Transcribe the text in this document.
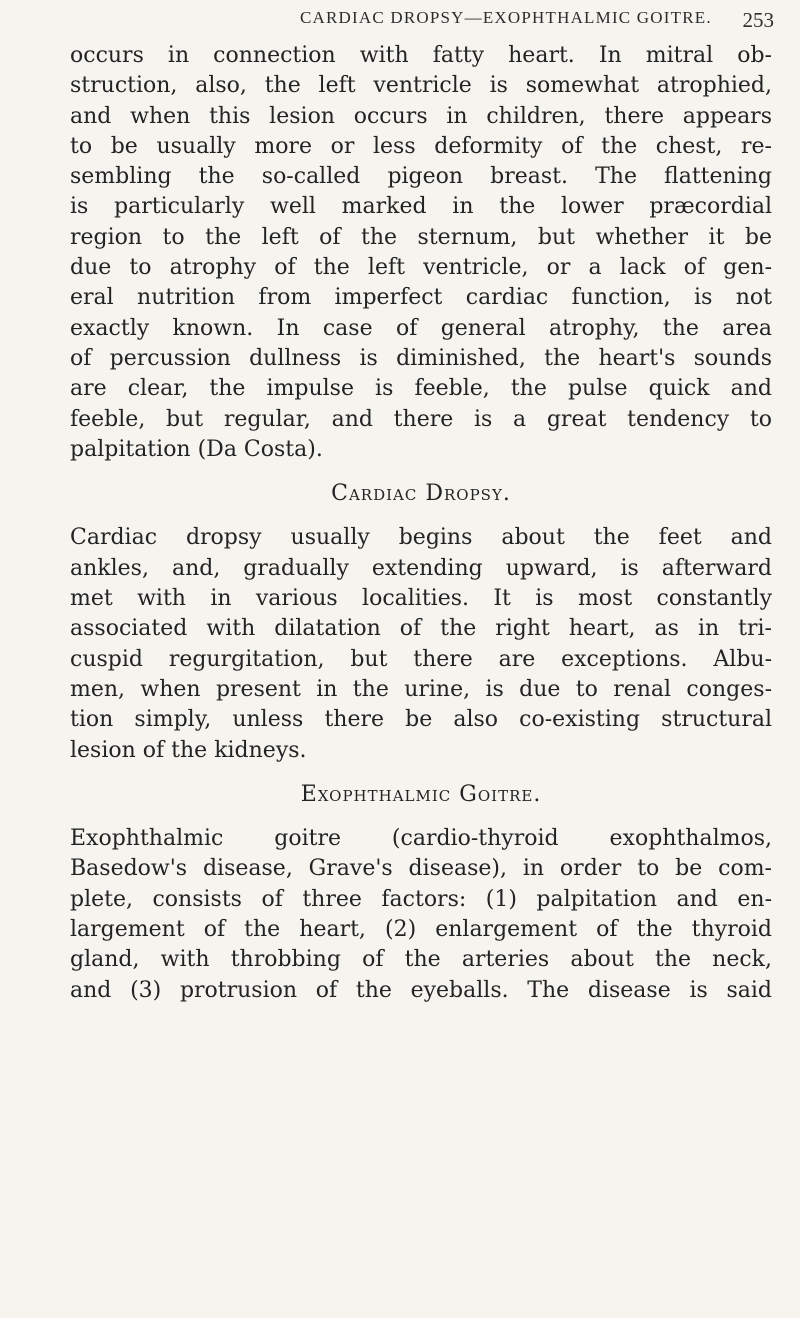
CARDIAC DROPSY—EXOPHTHALMIC GOITRE. 253
occurs in connection with fatty heart. In mitral ob-
struction, also, the left ventricle is somewhat atrophied,
and when this lesion occurs in children, there appears
to be usually more or less deformity of the chest, re-
sembling the so-called pigeon breast. The flattening
is particularly well marked in the lower præcordial
region to the left of the sternum, but whether it be
due to atrophy of the left ventricle, or a lack of gen-
eral nutrition from imperfect cardiac function, is not
exactly known. In case of general atrophy, the area
of percussion dullness is diminished, the heart's sounds
are clear, the impulse is feeble, the pulse quick and
feeble, but regular, and there is a great tendency to
palpitation (Da Costa).
Cardiac Dropsy.
Cardiac dropsy usually begins about the feet and
ankles, and, gradually extending upward, is afterward
met with in various localities. It is most constantly
associated with dilatation of the right heart, as in tri-
cuspid regurgitation, but there are exceptions. Albu-
men, when present in the urine, is due to renal conges-
tion simply, unless there be also co-existing structural
lesion of the kidneys.
Exophthalmic Goitre.
Exophthalmic goitre (cardio-thyroid exophthalmos,
Basedow's disease, Grave's disease), in order to be com-
plete, consists of three factors: (1) palpitation and en-
largement of the heart, (2) enlargement of the thyroid
gland, with throbbing of the arteries about the neck,
and (3) protrusion of the eyeballs. The disease is said
